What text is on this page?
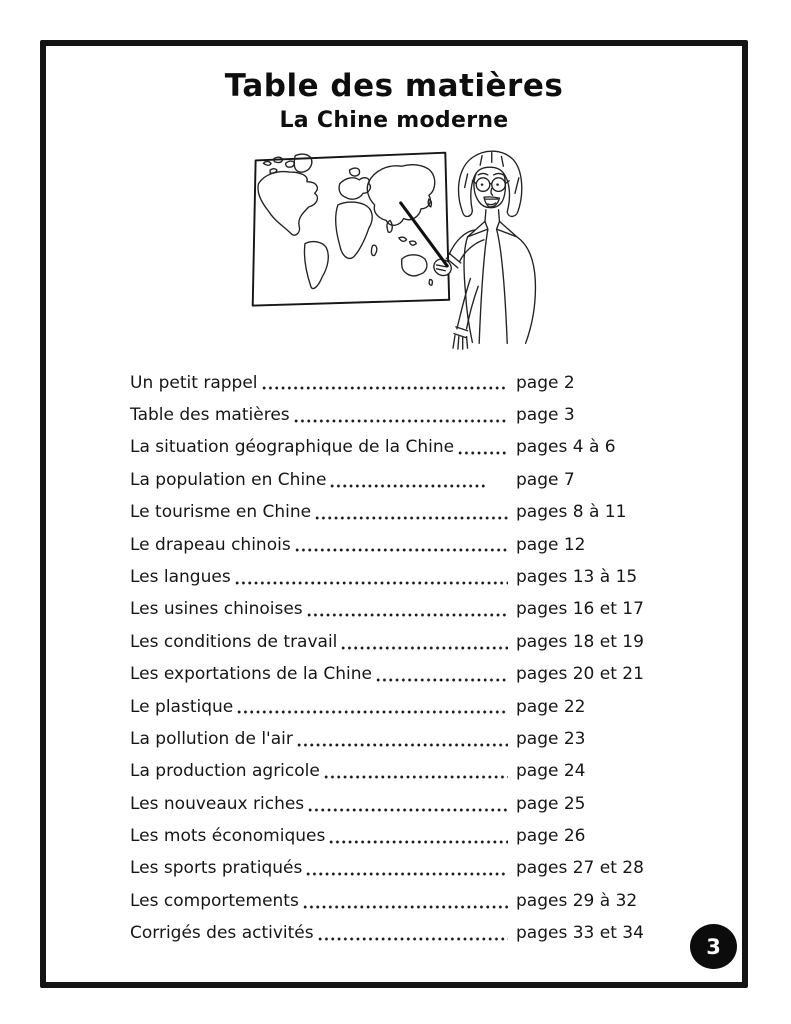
Table des matières
La Chine moderne
Un petit rappel	page 2
Table des matières	page 3
La situation géographique de la Chine	pages 4 à 6
La population en Chine	page 7
Le tourisme en Chine	pages 8 à 11
Le drapeau chinois	page 12
Les langues	pages 13 à 15
Les usines chinoises	pages 16 et 17
Les conditions de travail	pages 18 et 19
Les exportations de la Chine	pages 20 et 21
Le plastique	page 22
La pollution de l'air	page 23
La production agricole	page 24
Les nouveaux riches	page 25
Les mots économiques	page 26
Les sports pratiqués	pages 27 et 28
Les comportements	pages 29 à 32
Corrigés des activités	pages 33 et 34
3
